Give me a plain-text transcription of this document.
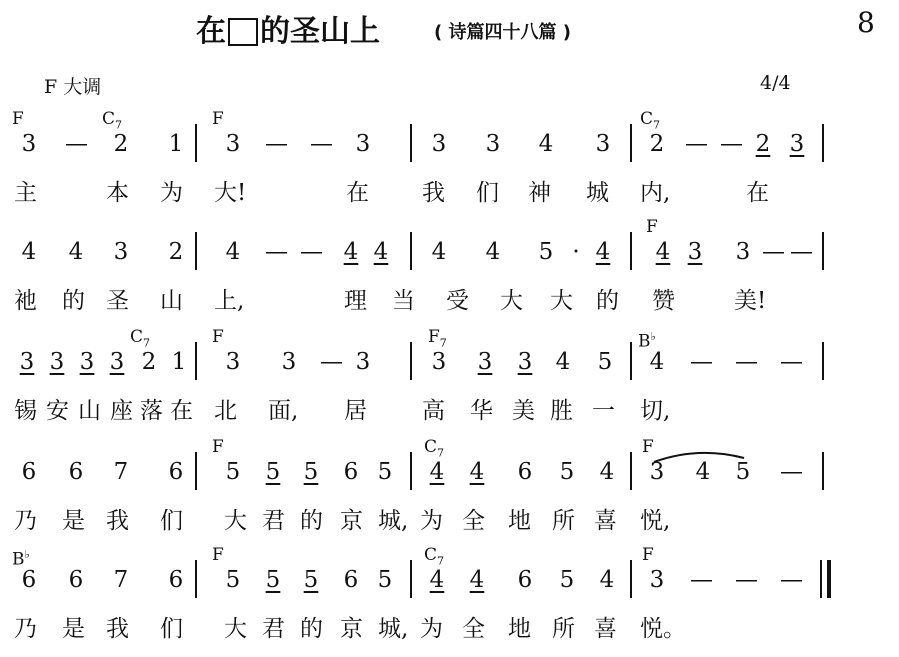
在 的圣山上	( 诗篇四十八篇 )	8
F 大调	4/4
F	$C_7$	F	$C_7$
3 — 2 1 3 — — 3	3 3 4 3 2 — — 2 3
主	本 为 大!	在 我 们 神 城 内,	在
F
4 4 3 2 4 — — 4 4 4 4 5 · 4 4 3 3 — —
祂 的 圣 山 上,	理 当 受 大 大 的 赞	美!
$C_7$	F	$F_7$	B♭
3 3 3 3 2 1 3 3 — 3	3 3 3 4 5 4 — — —
锡 安 山 座 落 在 北 面, 居 高 华 美 胜 一 切,
F	$C_7$	F
6 6 7 6 5 5 5 6 5 4 4 6 5 4 3 4 5 —
乃 是 我 们 大 君 的 京 城, 为 全 地 所 喜 悦,
B♭	F	$C_7$	F
6 6 7 6 5 5 5 6 5 4 4 6 5 4 3 — — —
乃 是 我 们 大 君 的 京 城, 为 全 地 所 喜 悦。
